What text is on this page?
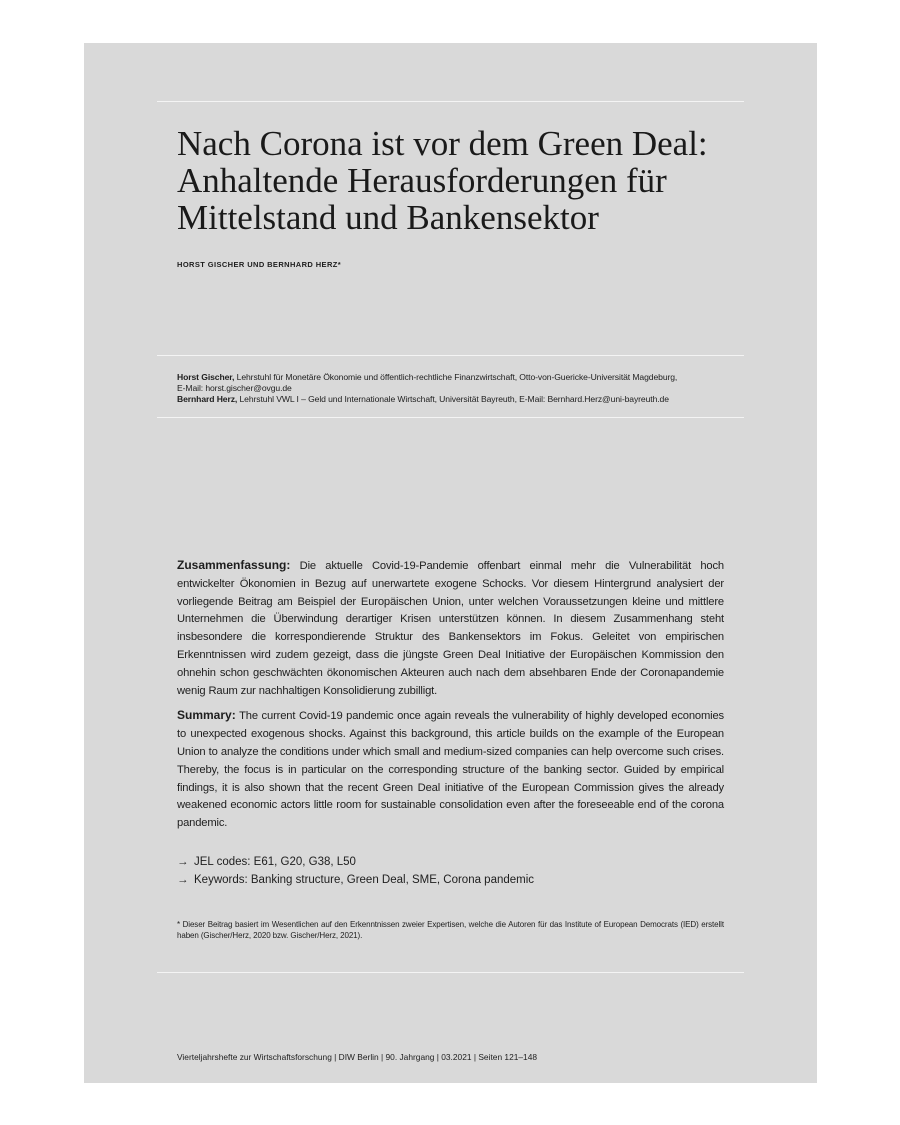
Nach Corona ist vor dem Green Deal:
Anhaltende Herausforderungen für
Mittelstand und Bankensektor
HORST GISCHER UND BERNHARD HERZ*
Horst Gischer, Lehrstuhl für Monetäre Ökonomie und öffentlich-rechtliche Finanzwirtschaft, Otto-von-Guericke-Universität Magdeburg,
E-Mail: horst.gischer@ovgu.de
Bernhard Herz, Lehrstuhl VWL I – Geld und Internationale Wirtschaft, Universität Bayreuth, E-Mail: Bernhard.Herz@uni-bayreuth.de

Zusammenfassung: Die aktuelle Covid-19-Pandemie offenbart einmal mehr die Vulnerabilität hoch entwickelter Ökonomien in Bezug auf unerwartete exogene Schocks. Vor diesem Hintergrund analysiert der vorliegende Beitrag am Beispiel der Europäischen Union, unter welchen Voraussetzungen kleine und mittlere Unternehmen die Überwindung derartiger Krisen unterstützen können. In diesem Zusammenhang steht insbesondere die korrespondierende Struktur des Bankensektors im Fokus. Geleitet von empirischen Erkenntnissen wird zudem gezeigt, dass die jüngste Green Deal Initiative der Europäischen Kommission den ohnehin schon geschwächten ökonomischen Akteuren auch nach dem absehbaren Ende der Coronapandemie wenig Raum zur nachhaltigen Konsolidierung zubilligt.

Summary: The current Covid-19 pandemic once again reveals the vulnerability of highly developed economies to unexpected exogenous shocks. Against this background, this article builds on the example of the European Union to analyze the conditions under which small and medium-sized companies can help overcome such crises. Thereby, the focus is in particular on the corresponding structure of the banking sector. Guided by empirical findings, it is also shown that the recent Green Deal initiative of the European Commission gives the already weakened economic actors little room for sustainable consolidation even after the foreseeable end of the corona pandemic.

→ JEL codes: E61, G20, G38, L50
→ Keywords: Banking structure, Green Deal, SME, Corona pandemic
* Dieser Beitrag basiert im Wesentlichen auf den Erkenntnissen zweier Expertisen, welche die Autoren für das Institute of European Democrats (IED) erstellt haben (Gischer/Herz, 2020 bzw. Gischer/Herz, 2021).
Vierteljahrshefte zur Wirtschaftsforschung | DIW Berlin | 90. Jahrgang | 03.2021 | Seiten 121–148
